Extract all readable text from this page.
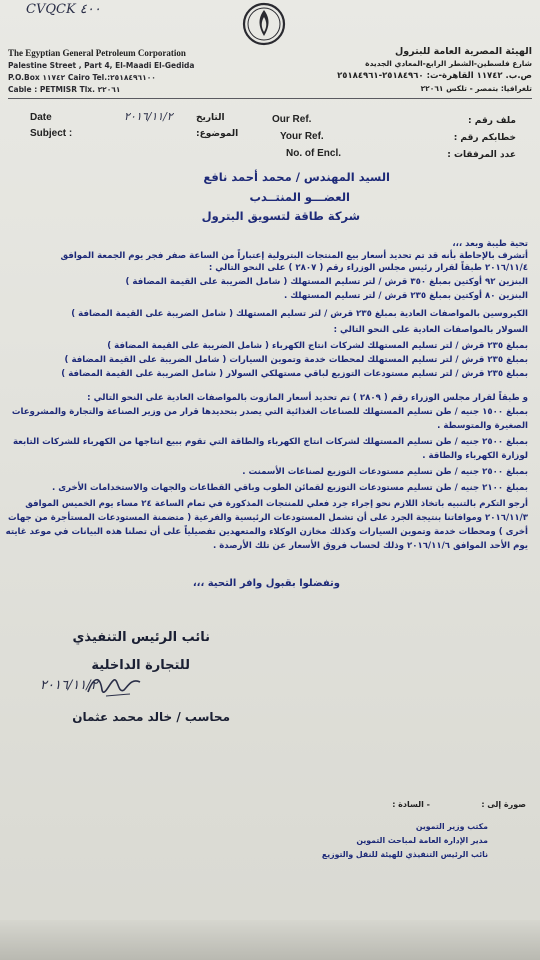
CVQCK ٤٠٠
The Egyptian General Petroleum Corporation
Palestine Street , Part 4, El-Maadi El-Gedida
P.O.Box ١١٧٤٢ Cairo Tel.:٢٥١٨٤٩٦١٠٠
Cable : PETMISR Tlx. ٢٢٠٦١
الهيئة المصرية العامة للبترول
شارع فلسطين-الشطر الرابع-المعادي الجديدة
ص.ب. ١١٧٤٢ القاهرة-ت: ٢٥١٨٤٩٦٠-٢٥١٨٤٩٦١
تلغرافيا: بتمصر - تلكس ٢٢٠٦١
Date	٢٠١٦/١١/٢	التاريخ
Subject :	الموضوع:
Our Ref.
Your Ref.
No. of Encl.
ملف رقم :
خطابكم رقم :
عدد المرفقات :
السيد المهندس / محمد أحمد نافع
العضـــو المنتــدب
شركة طاقة لتسويق البترول
تحية طيبة وبعد ،،،
أتشرف بالإحاطة بأنه قد تم تحديد أسعار بيع المنتجات البترولية إعتباراً من الساعة صفر فجر يوم الجمعة الموافق
٢٠١٦/١١/٤ طبقاً لقرار رئيس مجلس الوزراء رقم ( ٢٨٠٧ ) على النحو التالي :
البنزين ٩٢ أوكتين بمبلغ ٣٥٠ قرش / لتر تسليم المستهلك ( شامل الضريبة على القيمة المضافة )
البنزين ٨٠ أوكتين بمبلغ ٢٣٥ قرش / لتر تسليم المستهلك .
الكيروسين بالمواصفات العادية بمبلغ ٢٣٥ قرش / لتر تسليم المستهلك ( شامل الضريبة على القيمة المضافة )
السولار بالمواصفات العادية على النحو التالي :
بمبلغ ٢٣٥ قرش / لتر تسليم المستهلك لشركات انتاج الكهرباء ( شامل الضريبة على القيمة المضافة )
بمبلغ ٢٣٥ قرش / لتر تسليم المستهلك لمحطات خدمة وتموين السيارات ( شامل الضريبة على القيمة المضافة )
بمبلغ ٢٣٥ قرش / لتر تسليم مستودعات التوزيع لباقي مستهلكي السولار ( شامل الضريبة على القيمة المضافة )
و طبقاً لقرار مجلس الوزراء رقم ( ٢٨٠٩ ) تم تحديد أسعار المازوت بالمواصفات العادية على النحو التالي :
بمبلغ ١٥٠٠ جنيه / طن تسليم المستهلك للصناعات الغذائية التي يصدر بتحديدها قرار من وزير الصناعة والتجارة والمشروعات
الصغيرة والمتوسطة .
بمبلغ ٢٥٠٠ جنيه / طن تسليم المستهلك لشركات انتاج الكهرباء والطاقة التي تقوم ببيع انتاجها من الكهرباء للشركات التابعة
لوزارة الكهرباء والطاقة .
بمبلغ ٢٥٠٠ جنيه / طن تسليم مستودعات التوزيع لصناعات الأسمنت .
بمبلغ ٢١٠٠ جنيه / طن تسليم مستودعات التوزيع لقمائن الطوب وباقي القطاعات والجهات والاستخدامات الأخرى .
أرجو التكرم بالتنبيه باتخاذ اللازم نحو إجراء جرد فعلي للمنتجات المذكورة في تمام الساعة ٢٤ مساء يوم الخميس الموافق
٢٠١٦/١١/٣ وموافاتنا بنتيجة الجرد على أن تشمل المستودعات الرئيسية والفرعية ( متضمنة المستودعات المستأجرة من جهات
أخرى ) ومحطات خدمة وتموين السيارات وكذلك مخازن الوكلاء والمتعهدين تفصيلياً على أن تصلنا هذه البيانات في موعد غايته
يوم الأحد الموافق ٢٠١٦/١١/٦ وذلك لحساب فروق الأسعار عن تلك الأرصدة .
وتفضلوا بقبول وافر التحية ،،،
نائب الرئيس التنفيذي
للتجارة الداخلية
٢٠١٦/١١/٢
محاسب / خالد محمد عثمان
صورة إلى :
- السادة :
مكتب وزير التموين
مدير الإدارة العامة لمباحث التموين
نائب الرئيس التنفيذي للهيئة للنقل والتوزيع
